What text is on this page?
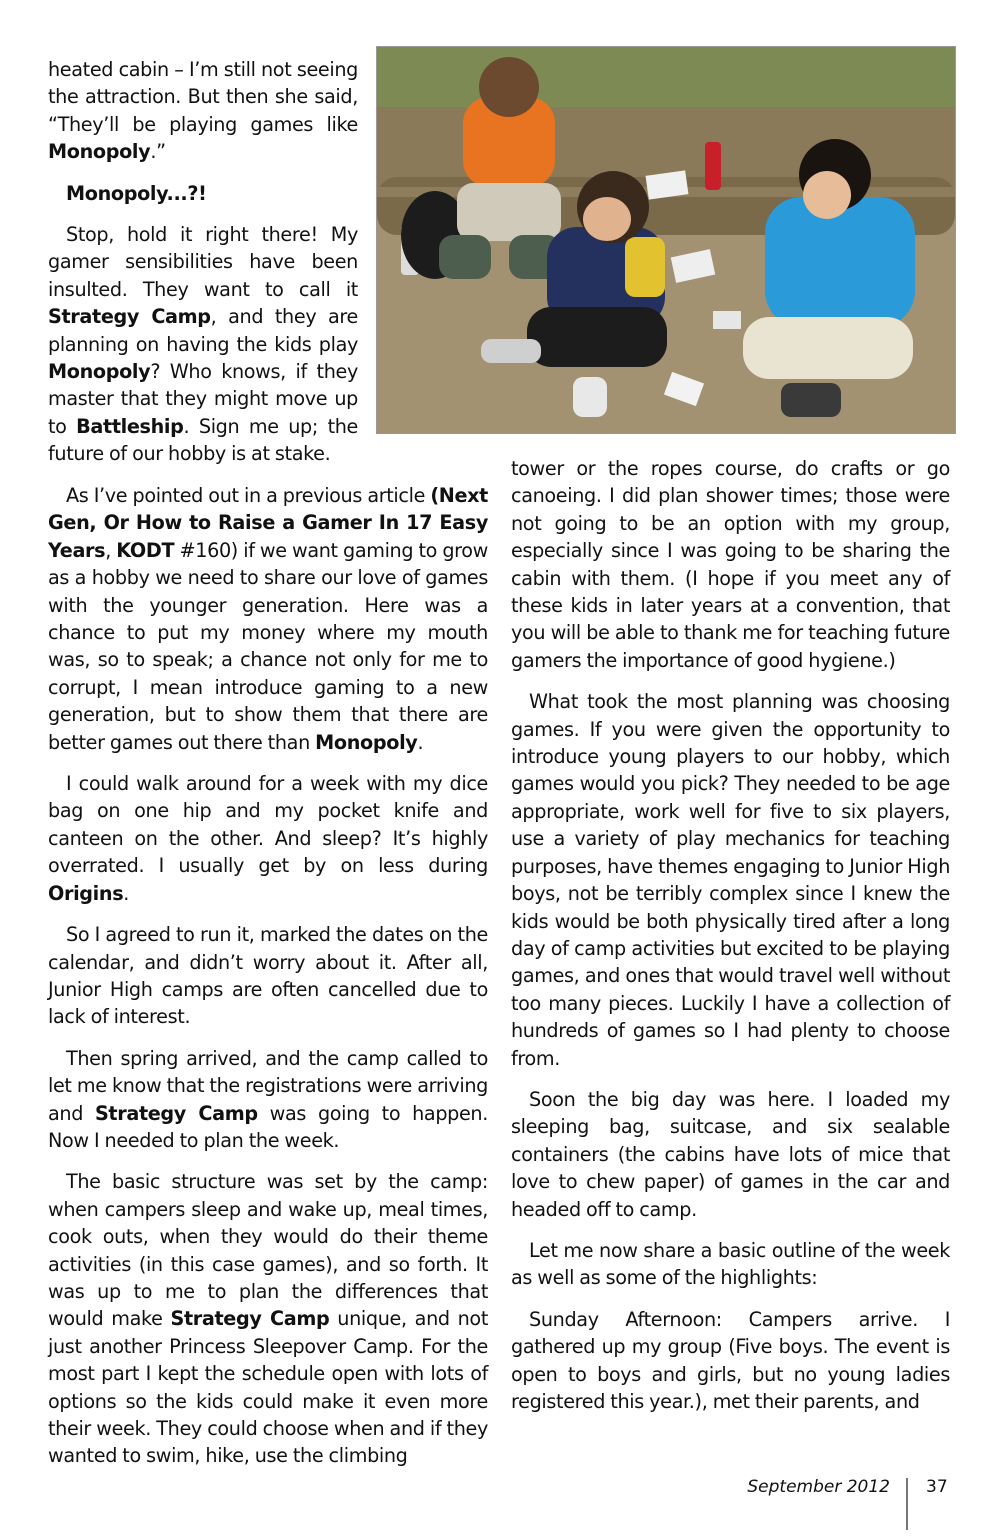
heated cabin – I’m still not seeing the attraction. But then she said, “They’ll be playing games like Monopoly.”

Monopoly...?!

Stop, hold it right there! My gamer sensibilities have been insulted. They want to call it Strategy Camp, and they are planning on having the kids play Monopoly? Who knows, if they master that they might move up to Battleship. Sign me up; the future of our hobby is at stake.

As I’ve pointed out in a previous article (Next Gen, Or How to Raise a Gamer In 17 Easy Years, KODT #160) if we want gaming to grow as a hobby we need to share our love of games with the younger generation. Here was a chance to put my money where my mouth was, so to speak; a chance not only for me to corrupt, I mean introduce gaming to a new generation, but to show them that there are better games out there than Monopoly.

I could walk around for a week with my dice bag on one hip and my pocket knife and canteen on the other. And sleep? It’s highly overrated. I usually get by on less during Origins.

So I agreed to run it, marked the dates on the calendar, and didn’t worry about it. After all, Junior High camps are often cancelled due to lack of interest.

Then spring arrived, and the camp called to let me know that the registrations were arriving and Strategy Camp was going to happen. Now I needed to plan the week.

The basic structure was set by the camp: when campers sleep and wake up, meal times, cook outs, when they would do their theme activities (in this case games), and so forth. It was up to me to plan the differences that would make Strategy Camp unique, and not just another Princess Sleepover Camp. For the most part I kept the schedule open with lots of options so the kids could make it even more their week. They could choose when and if they wanted to swim, hike, use the climbing

tower or the ropes course, do crafts or go canoeing. I did plan shower times; those were not going to be an option with my group, especially since I was going to be sharing the cabin with them. (I hope if you meet any of these kids in later years at a convention, that you will be able to thank me for teaching future gamers the importance of good hygiene.)

What took the most planning was choosing games. If you were given the opportunity to introduce young players to our hobby, which games would you pick? They needed to be age appropriate, work well for five to six players, use a variety of play mechanics for teaching purposes, have themes engaging to Junior High boys, not be terribly complex since I knew the kids would be both physically tired after a long day of camp activities but excited to be playing games, and ones that would travel well without too many pieces. Luckily I have a collection of hundreds of games so I had plenty to choose from.

Soon the big day was here. I loaded my sleeping bag, suitcase, and six sealable containers (the cabins have lots of mice that love to chew paper) of games in the car and headed off to camp.

Let me now share a basic outline of the week as well as some of the highlights:

Sunday Afternoon: Campers arrive. I gathered up my group (Five boys. The event is open to boys and girls, but no young ladies registered this year.), met their parents, and

September 2012 37
